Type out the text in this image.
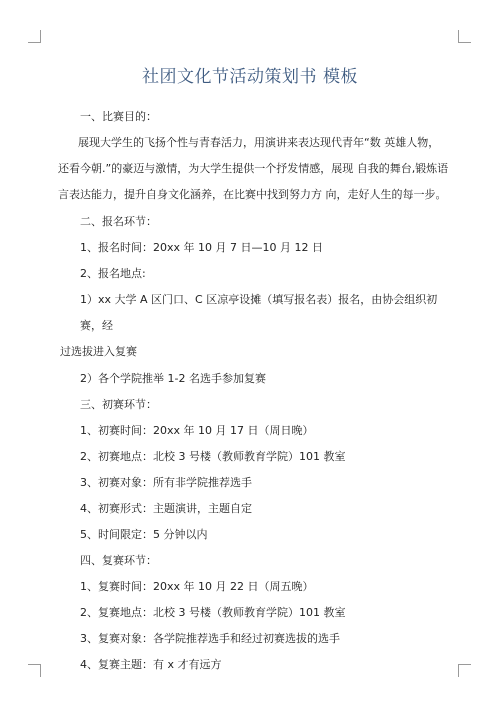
社团文化节活动策划书 模板

一、比赛目的：

展现大学生的飞扬个性与青春活力，用演讲来表达现代青年“数 英雄人物，还看今朝.”的豪迈与激情，为大学生提供一个抒发情感，展现 自我的舞台,锻炼语言表达能力，提升自身文化涵养，在比赛中找到努力方 向，走好人生的每一步。

二、报名环节：

1、报名时间：20xx 年 10 月 7 日—10 月 12 日

2、报名地点:

1）xx 大学 A 区门口、C 区凉亭设摊（填写报名表）报名，由协会组织初赛，经
过选拔进入复赛

2）各个学院推举 1-2 名选手参加复赛

三、初赛环节：

1、初赛时间：20xx 年 10 月 17 日（周日晚）

2、初赛地点：北校 3 号楼（教师教育学院）101 教室

3、初赛对象：所有非学院推荐选手

4、初赛形式：主题演讲，主题自定

5、时间限定：5 分钟以内

四、复赛环节：

1、复赛时间：20xx 年 10 月 22 日（周五晚）

2、复赛地点：北校 3 号楼（教师教育学院）101 教室

3、复赛对象：各学院推荐选手和经过初赛选拔的选手

4、复赛主题：有 x 才有远方
